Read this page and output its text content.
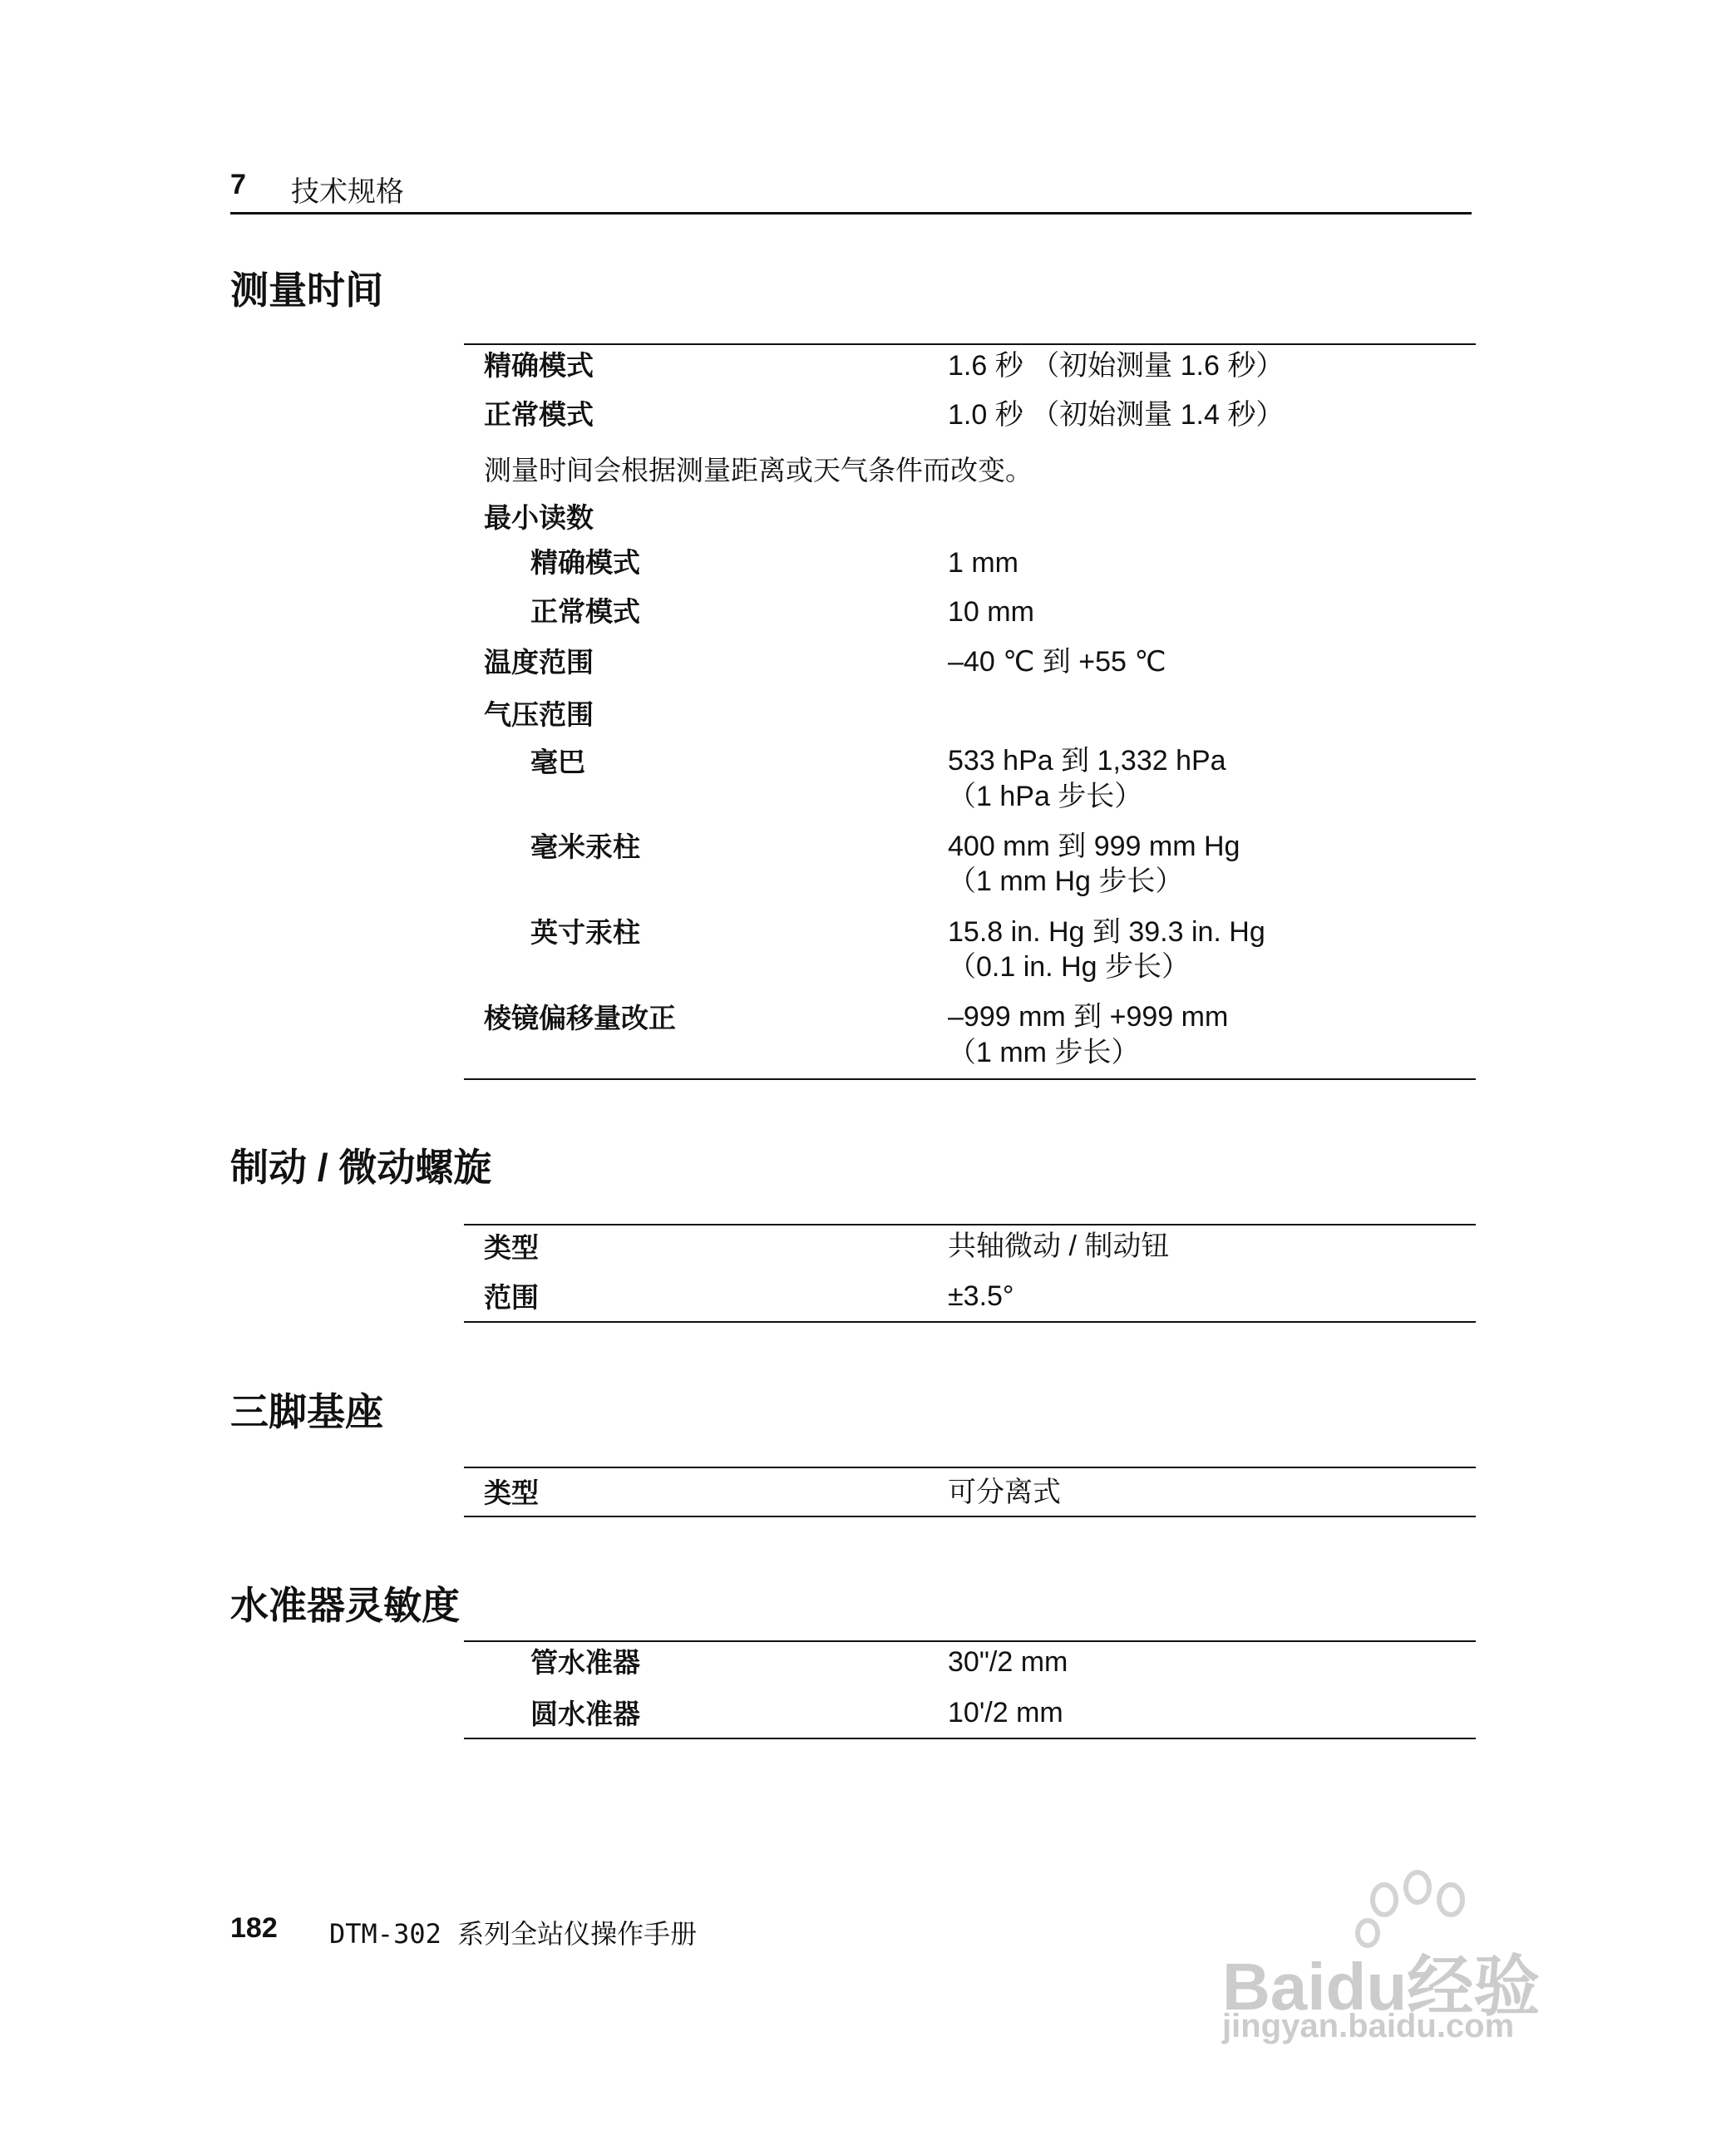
7 技术规格
测量时间
精确模式	1.6 秒 （初始测量 1.6 秒）
正常模式	1.0 秒 （初始测量 1.4 秒）
测量时间会根据测量距离或天气条件而改变。
最小读数
精确模式	1 mm
正常模式	10 mm
温度范围	–40 ℃ 到 +55 ℃
气压范围
毫巴	533 hPa 到 1,332 hPa
（1 hPa 步长）
毫米汞柱	400 mm 到 999 mm Hg
（1 mm Hg 步长）
英寸汞柱	15.8 in. Hg 到 39.3 in. Hg
（0.1 in. Hg 步长）
棱镜偏移量改正	–999 mm 到 +999 mm
（1 mm 步长）
制动 / 微动螺旋
类型	共轴微动 / 制动钮
范围	±3.5°
三脚基座
类型	可分离式
水准器灵敏度
管水准器	30"/2 mm
圆水准器	10'/2 mm
182 DTM-302 系列全站仪操作手册
Baidu经验
jingyan.baidu.com
